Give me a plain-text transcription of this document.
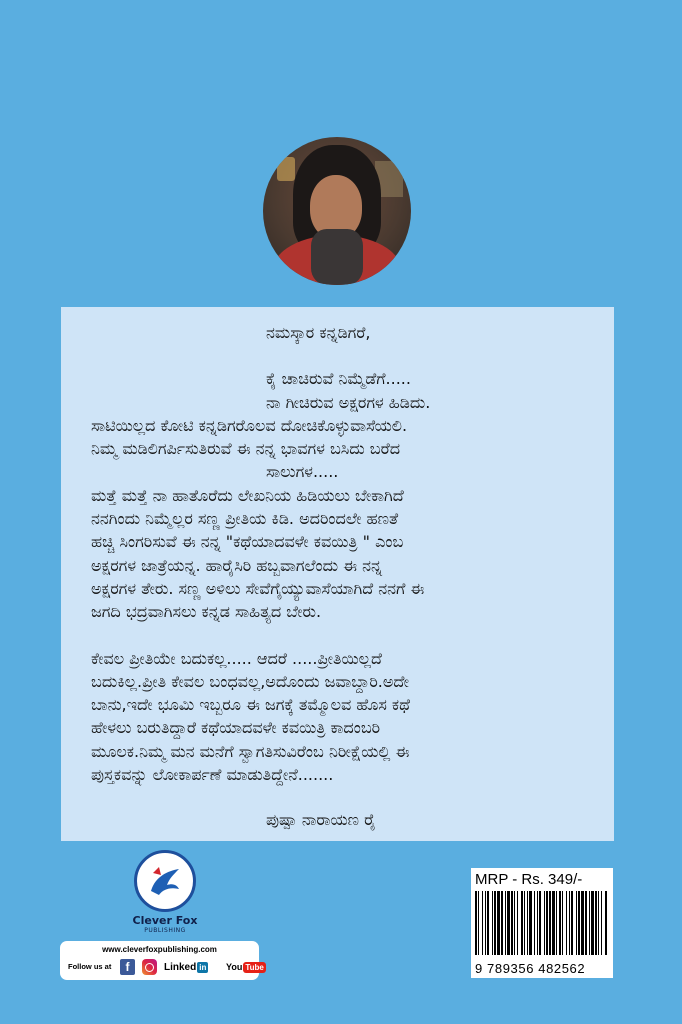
ನಮಸ್ಕಾರ ಕನ್ನಡಿಗರೆ,

ಕೈ ಚಾಚಿರುವೆ ನಿಮ್ಮೆಡೆಗೆ.....

ನಾ ಗೀಚಿರುವ ಅಕ್ಷರಗಳ ಹಿಡಿದು.

ಸಾಟಿಯಿಲ್ಲದ ಕೋಟಿ ಕನ್ನಡಿಗರೊಲವ ದೋಚಿಕೊಳ್ಳುವಾಸೆಯಲಿ.

ನಿಮ್ಮ ಮಡಿಲಿಗರ್ಪಿಸುತಿರುವೆ ಈ ನನ್ನ ಭಾವಗಳ ಬಸಿದು ಬರೆದ

ಸಾಲುಗಳ.....

ಮತ್ತೆ ಮತ್ತೆ ನಾ ಹಾತೊರೆದು ಲೇಖನಿಯ ಹಿಡಿಯಲು ಬೇಕಾಗಿದೆ

ನನಗಿಂದು ನಿಮ್ಮೆಲ್ಲರ ಸಣ್ಣ ಪ್ರೀತಿಯ ಕಿಡಿ. ಅದರಿಂದಲೇ ಹಣತೆ

ಹಚ್ಚಿ ಸಿಂಗರಿಸುವೆ ಈ ನನ್ನ "ಕಥೆಯಾದವಳೇ ಕವಯಿತ್ರಿ " ಎಂಬ

ಅಕ್ಷರಗಳ ಜಾತ್ರೆಯನ್ನ. ಹಾರೈಸಿರಿ ಹಬ್ಬವಾಗಲೆಂದು ಈ ನನ್ನ

ಅಕ್ಷರಗಳ ತೇರು. ಸಣ್ಣ ಅಳಿಲು ಸೇವೆಗೈಯ್ಯುವಾಸೆಯಾಗಿದೆ ನನಗೆ ಈ

ಜಗದಿ ಭದ್ರವಾಗಿಸಲು ಕನ್ನಡ ಸಾಹಿತ್ಯದ ಬೇರು.

ಕೇವಲ ಪ್ರೀತಿಯೇ ಬದುಕಲ್ಲ..... ಆದರೆ .....ಪ್ರೀತಿಯಿಲ್ಲದೆ

ಬದುಕಿಲ್ಲ.ಪ್ರೀತಿ ಕೇವಲ ಬಂಧವಲ್ಲ,ಅದೊಂದು ಜವಾಬ್ದಾರಿ.ಅದೇ

ಬಾನು,ಇದೇ ಭೂಮಿ ಇಬ್ಬರೂ ಈ ಜಗಕ್ಕೆ ತಮ್ಮೊಲವ ಹೊಸ ಕಥೆ

ಹೇಳಲು ಬರುತಿದ್ದಾರೆ ಕಥೆಯಾದವಳೇ ಕವಯಿತ್ರಿ ಕಾದಂಬರಿ

ಮೂಲಕ.ನಿಮ್ಮ ಮನ ಮನೆಗೆ ಸ್ವಾಗತಿಸುವಿರೆಂಬ ನಿರೀಕ್ಷೆಯಲ್ಲಿ ಈ

ಪುಸ್ತಕವನ್ನು ಲೋಕಾರ್ಪಣೆ ಮಾಡುತಿದ್ದೇನೆ.......

ಪುಷ್ಪಾ ನಾರಾಯಣ ರೈ

Clever Fox
PUBLISHING
www.cleverfoxpublishing.com
Follow us at f	Linked in You Tube
MRP - Rs. 349/-
9 789356 482562
